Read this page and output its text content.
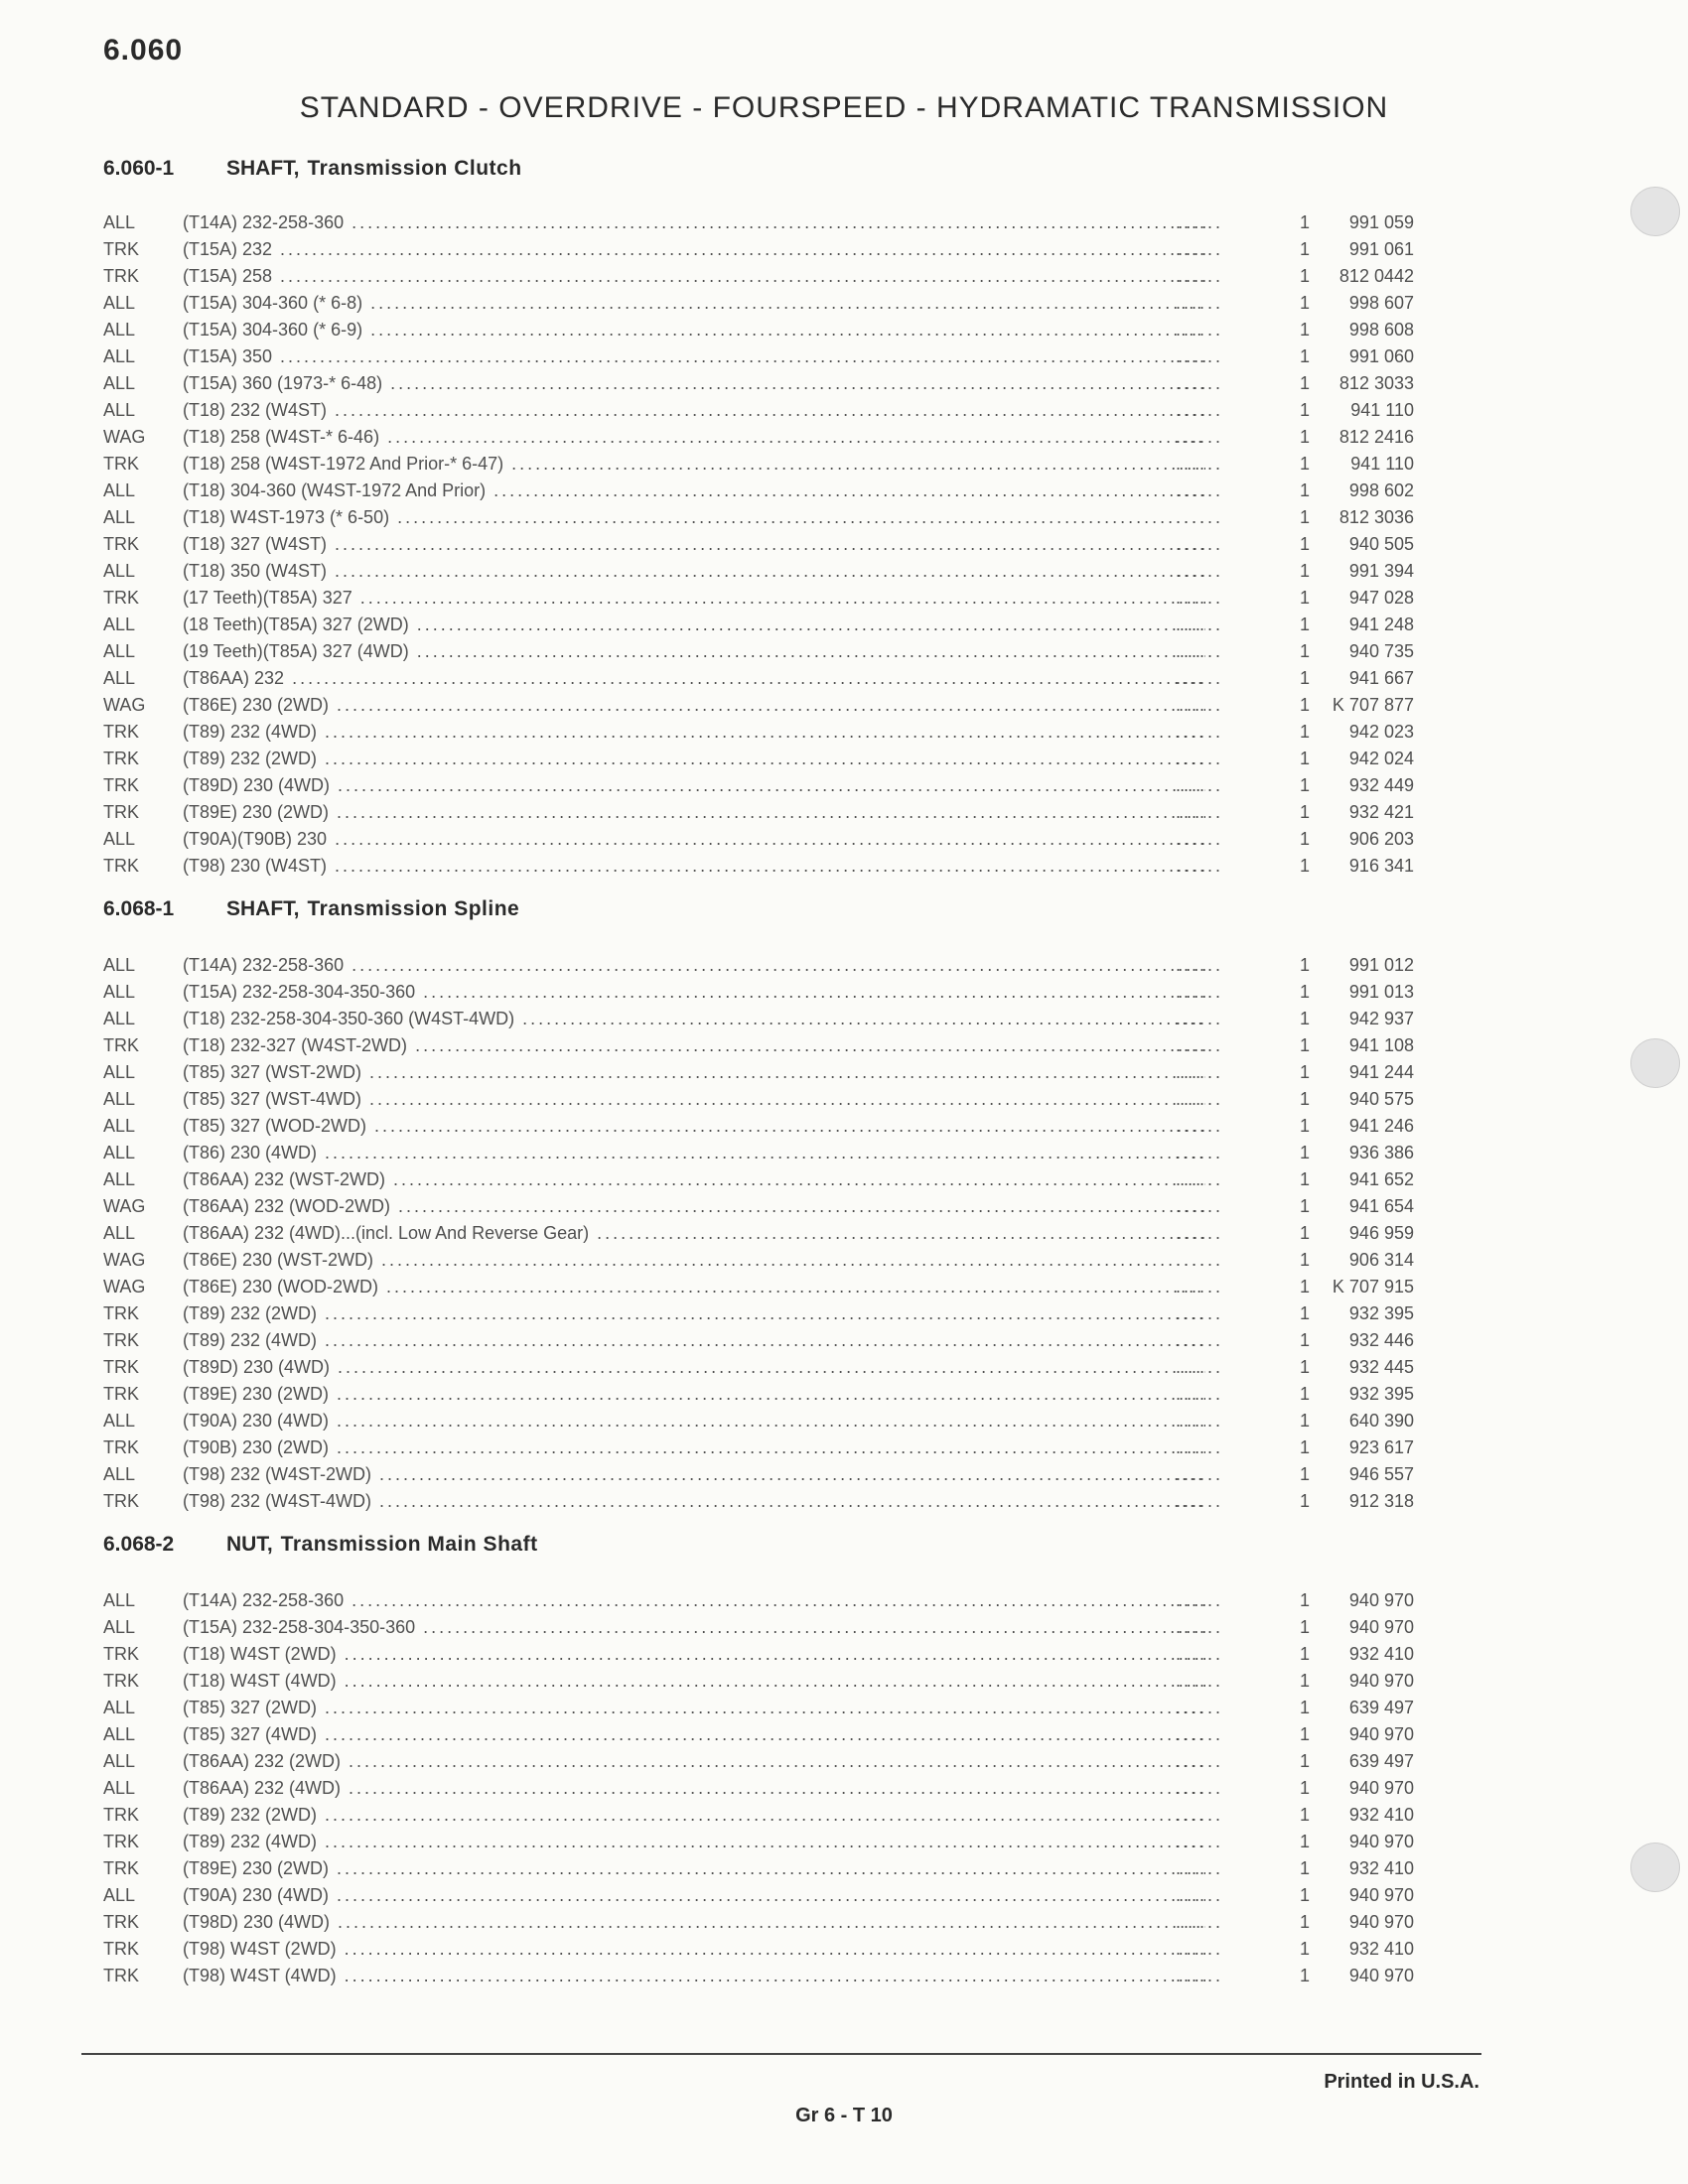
6.060
STANDARD - OVERDRIVE - FOURSPEED - HYDRAMATIC TRANSMISSION
6.060-1	SHAFT, Transmission Clutch
ALL	(T14A) 232-258-360 .....	1 991 059
......
TRK (T15A) 232 .....	1 991 061
......
TRK (T15A) 258 .....	1 812 0442
......
ALL	(T15A) 304-360 (* 6-8) .....	1 998 607
......
ALL	(T15A) 304-360 (* 6-9) .....	1 998 608
......
ALL	(T15A) 350 .....	1 991 060
......
ALL	(T15A) 360 (1973-* 6-48) .....	1 812 3033
......
ALL	(T18) 232 (W4ST) .....	1 941 110
......
WAG (T18) 258 (W4ST-* 6-46) .....	1 812 2416
......
TRK (T18) 258 (W4ST-1972 And Prior-* 6-47) .....	1 941 110
......
ALL	(T18) 304-360 (W4ST-1972 And Prior) .....	1 998 602
......
ALL	(T18) W4ST-1973 (* 6-50) .....	1 812 3036
......
TRK (T18) 327 (W4ST) .....	1 940 505
......
ALL	(T18) 350 (W4ST) .....	1 991 394
......
TRK (17 Teeth)(T85A) 327 .....	1 947 028
......
ALL	(18 Teeth)(T85A) 327 (2WD) .....	1 941 248
......
ALL	(19 Teeth)(T85A) 327 (4WD) .....	1 940 735
......
ALL	(T86AA) 232 .....	1 941 667
......
WAG (T86E) 230 (2WD) .....	1 K 707 877
......
TRK (T89) 232 (4WD) .....	1 942 023
......
TRK (T89) 232 (2WD) .....	1 942 024
......
TRK (T89D) 230 (4WD) .....	1 932 449
......
TRK (T89E) 230 (2WD) .....	1 932 421
......
ALL	(T90A)(T90B) 230 .....	1 906 203
......
TRK (T98) 230 (W4ST) .....	1 916 341
......
6.068-1	SHAFT, Transmission Spline
ALL	(T14A) 232-258-360 .....	1 991 012
......
ALL	(T15A) 232-258-304-350-360 .....	1 991 013
......
ALL	(T18) 232-258-304-350-360 (W4ST-4WD) .....	1 942 937
......
TRK (T18) 232-327 (W4ST-2WD) .....	1 941 108
......
ALL	(T85) 327 (WST-2WD) .....	1 941 244
......
ALL	(T85) 327 (WST-4WD) .....	1 940 575
......
ALL	(T85) 327 (WOD-2WD) .....	1 941 246
......
ALL	(T86) 230 (4WD) .....	1 936 386
......
ALL	(T86AA) 232 (WST-2WD) .....	1 941 652
......
WAG (T86AA) 232 (WOD-2WD) .....	1 941 654
......
ALL	(T86AA) 232 (4WD)...(incl. Low And Reverse Gear) .....	1 946 959
......
WAG (T86E) 230 (WST-2WD) .....	1 906 314
......
WAG (T86E) 230 (WOD-2WD) .....	1 K 707 915
......
TRK (T89) 232 (2WD) .....	1 932 395
......
TRK (T89) 232 (4WD) .....	1 932 446
......
TRK (T89D) 230 (4WD) .....	1 932 445
......
TRK (T89E) 230 (2WD) .....	1 932 395
......
ALL	(T90A) 230 (4WD) .....	1 640 390
......
TRK (T90B) 230 (2WD) .....	1 923 617
......
ALL	(T98) 232 (W4ST-2WD) .....	1 946 557
......
TRK (T98) 232 (W4ST-4WD) .....	1 912 318
......
6.068-2	NUT, Transmission Main Shaft
ALL	(T14A) 232-258-360 .....	1 940 970
......
ALL	(T15A) 232-258-304-350-360 .....	1 940 970
......
TRK (T18) W4ST (2WD) .....	1 932 410
......
TRK (T18) W4ST (4WD) .....	1 940 970
......
ALL	(T85) 327 (2WD) .....	1 639 497
......
ALL	(T85) 327 (4WD) .....	1 940 970
......
ALL	(T86AA) 232 (2WD) .....	1 639 497
......
ALL	(T86AA) 232 (4WD) .....	1 940 970
......
TRK (T89) 232 (2WD) .....	1 932 410
......
TRK (T89) 232 (4WD) .....	1 940 970
......
TRK (T89E) 230 (2WD) .....	1 932 410
......
ALL	(T90A) 230 (4WD) .....	1 940 970
......
TRK (T98D) 230 (4WD) .....	1 940 970
......
TRK (T98) W4ST (2WD) .....	1 932 410
......
TRK (T98) W4ST (4WD) .....	1 940 970
......
Printed in U.S.A.
Gr 6 - T 10
